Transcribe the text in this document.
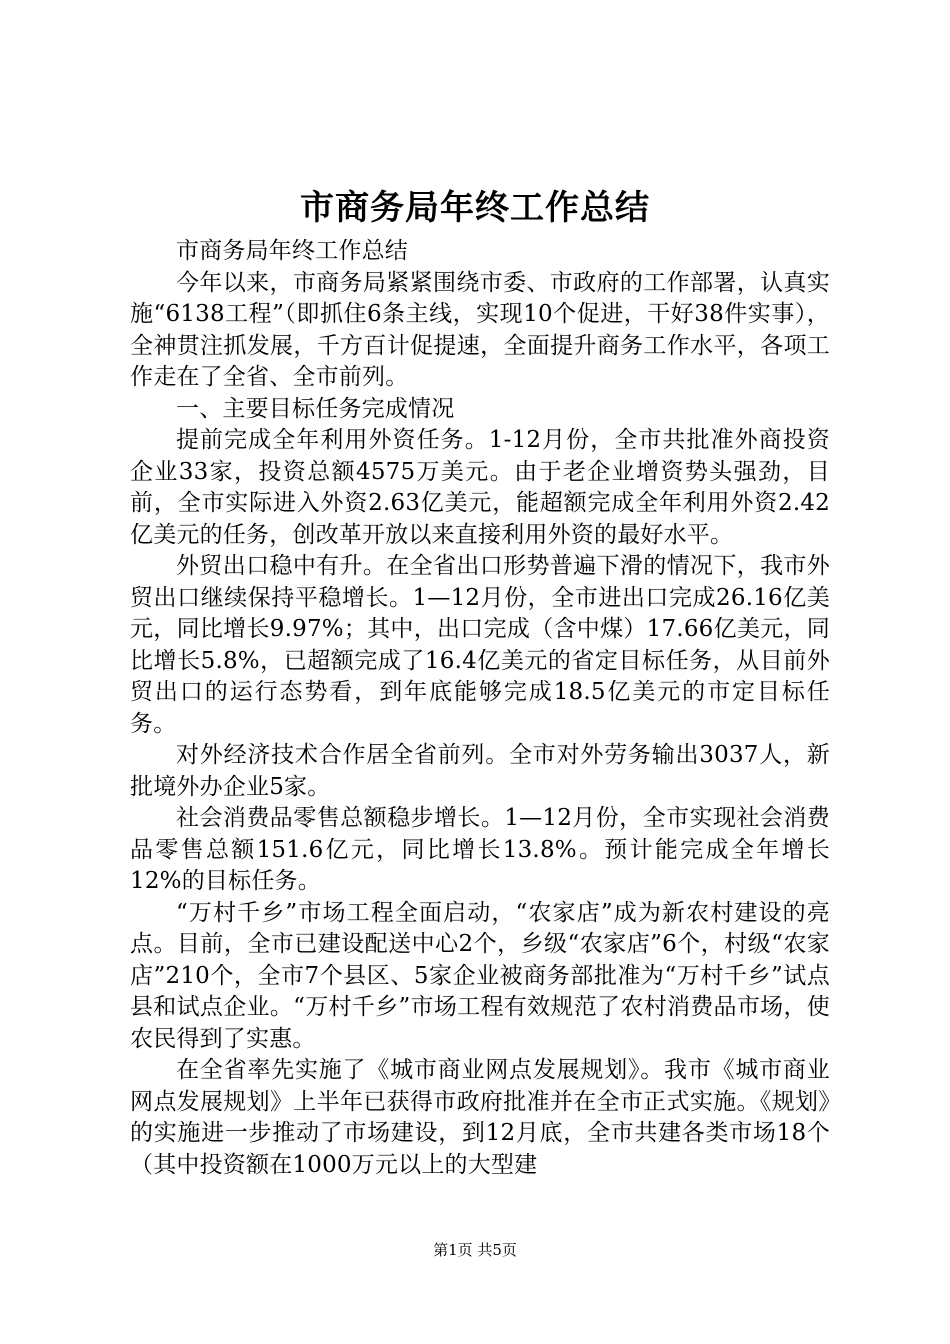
市商务局年终工作总结

市商务局年终工作总结

今年以来，市商务局紧紧围绕市委、市政府的工作部署，认真实施“6138工程”（即抓住6条主线，实现10个促进，干好38件实事），全神贯注抓发展，千方百计促提速，全面提升商务工作水平，各项工作走在了全省、全市前列。

一、主要目标任务完成情况

提前完成全年利用外资任务。1-12月份，全市共批准外商投资企业33家，投资总额4575万美元。由于老企业增资势头强劲，目前，全市实际进入外资2.63亿美元，能超额完成全年利用外资2.42亿美元的任务，创改革开放以来直接利用外资的最好水平。

外贸出口稳中有升。在全省出口形势普遍下滑的情况下，我市外贸出口继续保持平稳增长。1—12月份，全市进出口完成26.16亿美元，同比增长9.97%；其中，出口完成（含中煤）17.66亿美元，同比增长5.8%，已超额完成了16.4亿美元的省定目标任务，从目前外贸出口的运行态势看，到年底能够完成18.5亿美元的市定目标任务。

对外经济技术合作居全省前列。全市对外劳务输出3037人，新批境外办企业5家。

社会消费品零售总额稳步增长。1—12月份，全市实现社会消费品零售总额151.6亿元，同比增长13.8%。预计能完成全年增长12%的目标任务。

“万村千乡”市场工程全面启动，“农家店”成为新农村建设的亮点。目前，全市已建设配送中心2个，乡级“农家店”6个，村级“农家店”210个，全市7个县区、5家企业被商务部批准为“万村千乡”试点县和试点企业。“万村千乡”市场工程有效规范了农村消费品市场，使农民得到了实惠。

在全省率先实施了《城市商业网点发展规划》。我市《城市商业网点发展规划》上半年已获得市政府批准并在全市正式实施。《规划》的实施进一步推动了市场建设，到12月底，全市共建各类市场18个（其中投资额在1000万元以上的大型建

第1页 共5页
